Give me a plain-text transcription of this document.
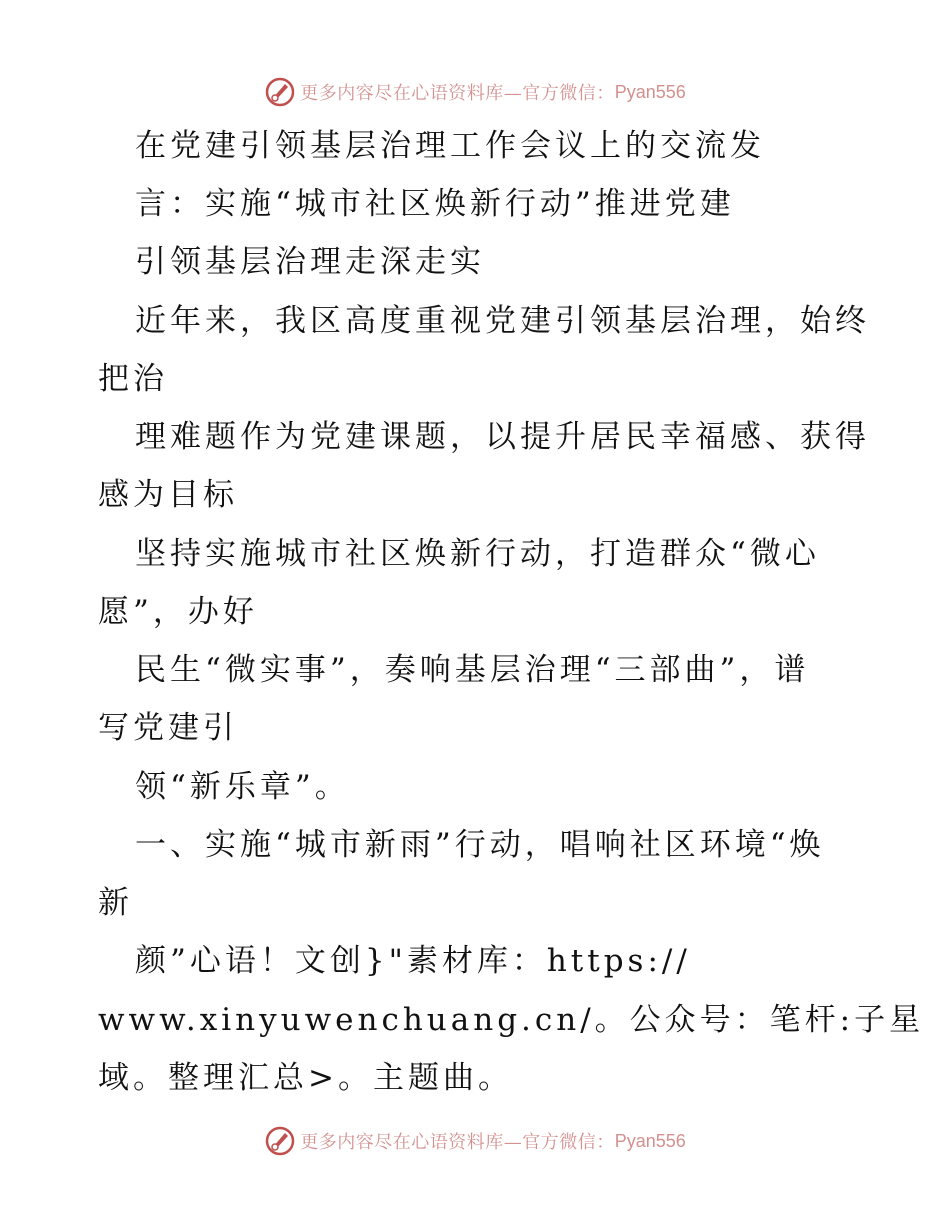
更多内容尽在心语资料库—官方微信： Pyan556
在党建引领基层治理工作会议上的交流发
言：实施“城市社区焕新行动”推进党建
引领基层治理走深走实
近年来，我区高度重视党建引领基层治理，始终
把治
理难题作为党建课题，以提升居民幸福感、获得
感为目标
坚持实施城市社区焕新行动，打造群众“微心
愿”，办好
民生“微实事”，奏响基层治理“三部曲”，谱
写党建引
领“新乐章”。
一、实施“城市新雨”行动，唱响社区环境“焕
新
颜”心语！文创}"素材库：https://
www.xinyuwenchuang.cn/。公众号：笔杆:子星
域。整理汇总>。主题曲。
更多内容尽在心语资料库—官方微信： Pyan556
